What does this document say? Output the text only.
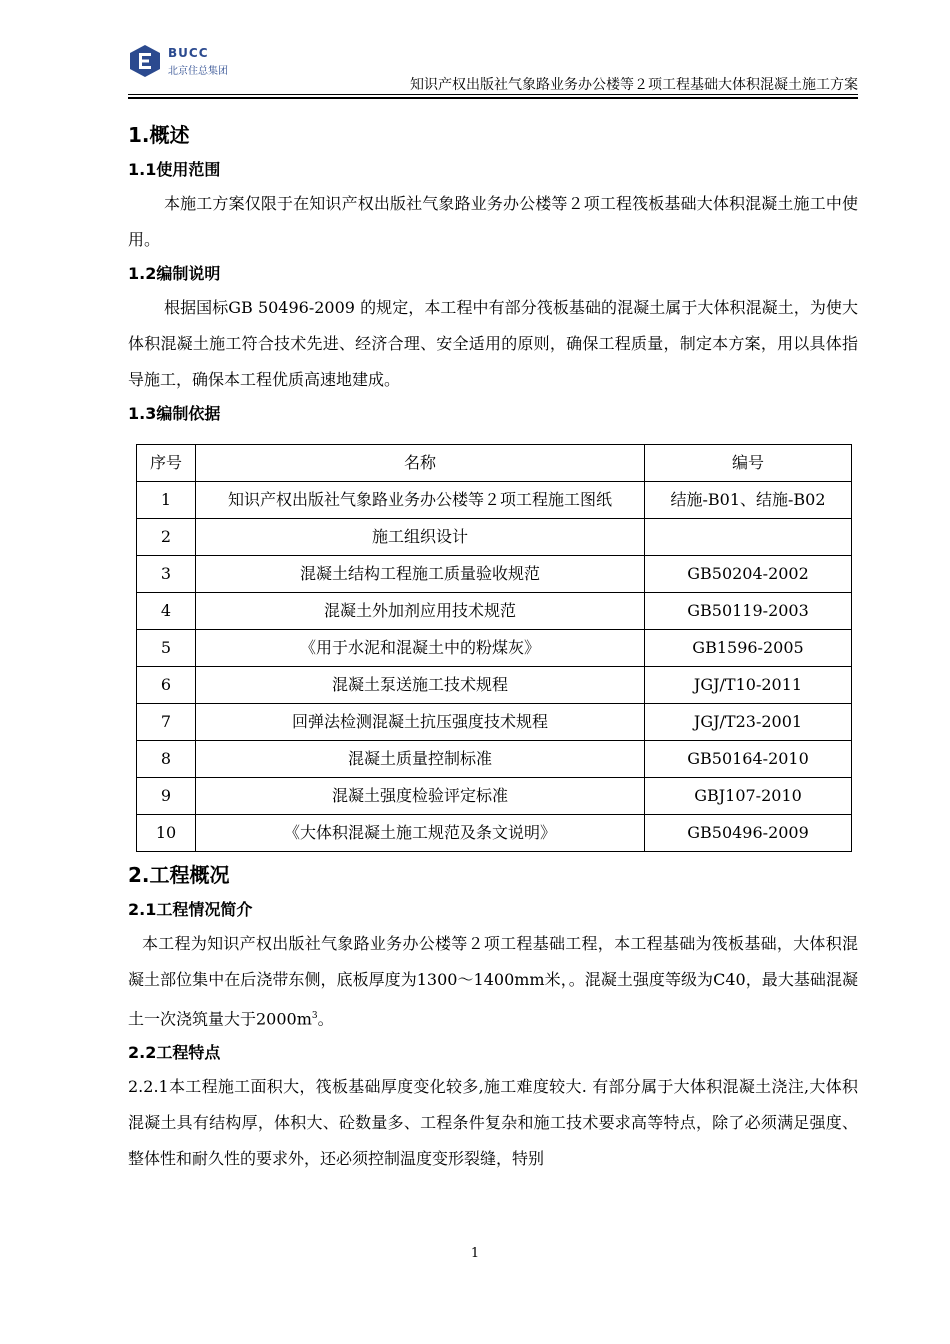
BUCC
北京住总集团
知识产权出版社气象路业务办公楼等２项工程基础大体积混凝土施工方案
1.概述
1.1使用范围

本施工方案仅限于在知识产权出版社气象路业务办公楼等２项工程筏板基础大体积混凝土施工中使用。

1.2编制说明

根据国标GB 50496-2009 的规定，本工程中有部分筏板基础的混凝土属于大体积混凝土，为使大体积混凝土施工符合技术先进、经济合理、安全适用的原则，确保工程质量，制定本方案，用以具体指导施工，确保本工程优质高速地建成。

1.3编制依据
序号	名称	编号
1	知识产权出版社气象路业务办公楼等２项工程施工图纸	结施-B01、结施-B02
2	施工组织设计	
3	混凝土结构工程施工质量验收规范	GB50204-2002
4	混凝土外加剂应用技术规范	GB50119-2003
5	《用于水泥和混凝土中的粉煤灰》	GB1596-2005
6	混凝土泵送施工技术规程	JGJ/T10-2011
7	回弹法检测混凝土抗压强度技术规程	JGJ/T23-2001
8	混凝土质量控制标准	GB50164-2010
9	混凝土强度检验评定标准	GBJ107-2010
10	《大体积混凝土施工规范及条文说明》	GB50496-2009
2.工程概况
2.1工程情况简介

本工程为知识产权出版社气象路业务办公楼等２项工程基础工程，本工程基础为筏板基础，大体积混凝土部位集中在后浇带东侧，底板厚度为1300～1400mm米，。混凝土强度等级为C40，最大基础混凝土一次浇筑量大于$2000m^3$。

2.2工程特点

2.2.1本工程施工面积大，筏板基础厚度变化较多,施工难度较大. 有部分属于大体积混凝土浇注,大体积混凝土具有结构厚，体积大、砼数量多、工程条件复杂和施工技术要求高等特点，除了必须满足强度、整体性和耐久性的要求外，还必须控制温度变形裂缝，特别

1
